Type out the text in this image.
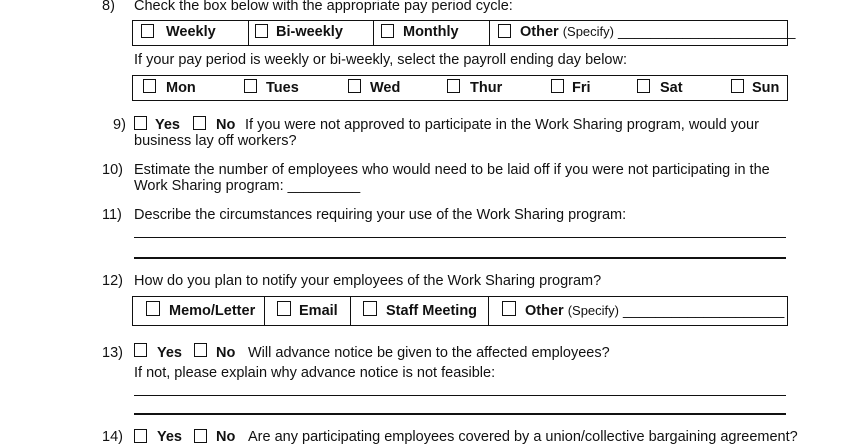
8) Check the box below with the appropriate pay period cycle:
Weekly	Bi-weekly	Monthly	Other (Specify) ______________________
If your pay period is weekly or bi-weekly, select the payroll ending day below:
Mon	Tues	Wed	Thur	Fri	Sat	Sun
9) Yes No If you were not approved to participate in the Work Sharing program, would your
business lay off workers?
10) Estimate the number of employees who would need to be laid off if you were not participating in the
Work Sharing program: _________
11) Describe the circumstances requiring your use of the Work Sharing program:
12) How do you plan to notify your employees of the Work Sharing program?
Memo/Letter	Email	Staff Meeting	Other (Specify) ____________________
13) Yes No Will advance notice be given to the affected employees?
If not, please explain why advance notice is not feasible:
14) Yes No Are any participating employees covered by a union/collective bargaining agreement?
